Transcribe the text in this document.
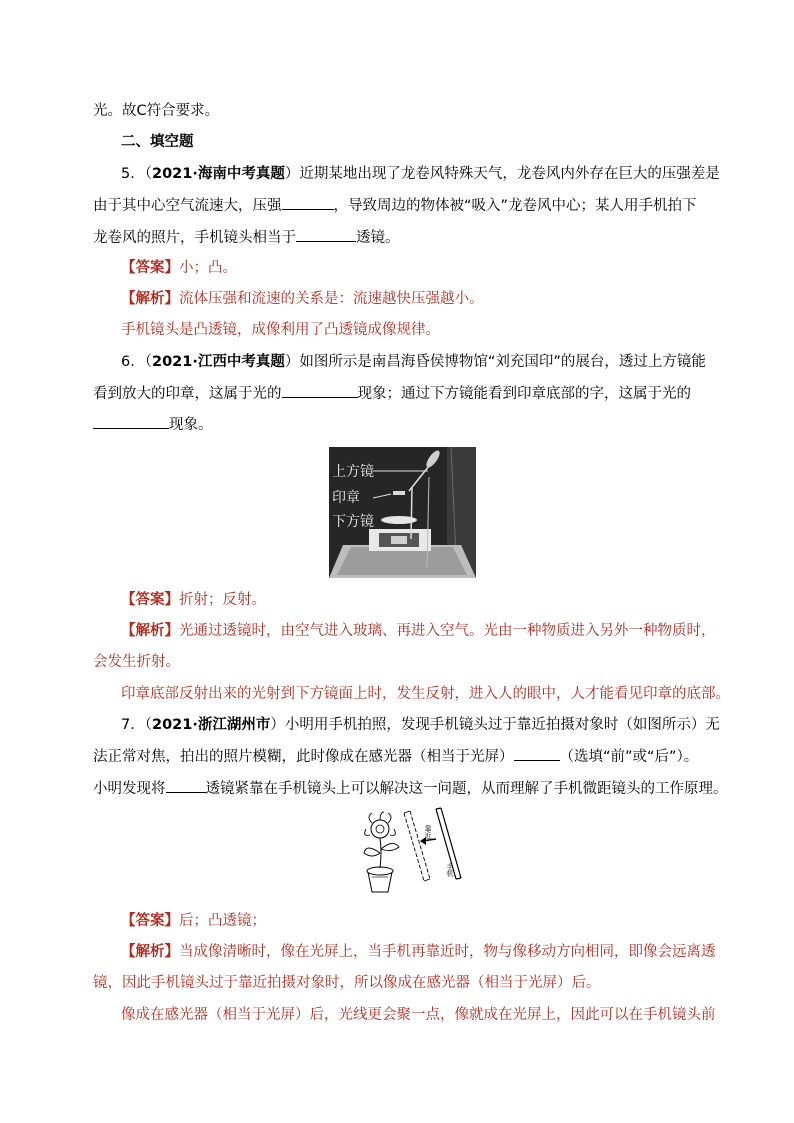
光。故C符合要求。
二、填空题
5．（2021·海南中考真题）近期某地出现了龙卷风特殊天气，龙卷风内外存在巨大的压强差是
由于其中心空气流速大，压强	，导致周边的物体被“吸入”龙卷风中心；某人用手机拍下
龙卷风的照片，手机镜头相当于	透镜。
【答案】小；凸。
【解析】流体压强和流速的关系是：流速越快压强越小。
手机镜头是凸透镜，成像利用了凸透镜成像规律。
6．（2021·江西中考真题）如图所示是南昌海昏侯博物馆“刘充国印”的展台，透过上方镜能
看到放大的印章，这属于光的	现象；通过下方镜能看到印章底部的字，这属于光的
现象。
上方镜
印章
下方镜
【答案】折射；反射。
【解析】光通过透镜时，由空气进入玻璃、再进入空气。光由一种物质进入另外一种物质时，
会发生折射。
印章底部反射出来的光射到下方镜面上时，发生反射，进入人的眼中，人才能看见印章的底部。
7．（2021·浙江湖州市）小明用手机拍照，发现手机镜头过于靠近拍摄对象时（如图所示）无
法正常对焦，拍出的照片模糊，此时像成在感光器（相当于光屏）	（选填“前”或“后”）。
小明发现将	透镜紧靠在手机镜头上可以解决这一问题，从而理解了手机微距镜头的工作原理。
靠近
手机
【答案】后；凸透镜；
【解析】当成像清晰时，像在光屏上，当手机再靠近时，物与像移动方向相同，即像会远离透
镜，因此手机镜头过于靠近拍摄对象时，所以像成在感光器（相当于光屏）后。
像成在感光器（相当于光屏）后，光线更会聚一点，像就成在光屏上，因此可以在手机镜头前
